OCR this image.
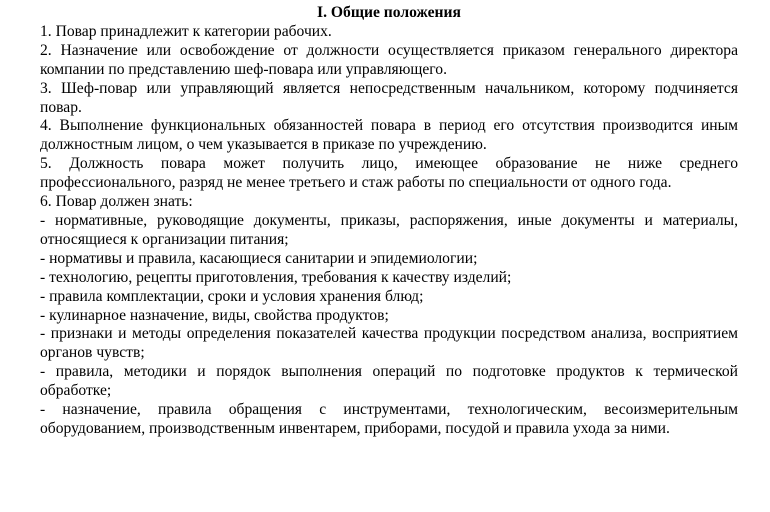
I. Общие положения

1. Повар принадлежит к категории рабочих.

2. Назначение или освобождение от должности осуществляется приказом генерального директора компании по представлению шеф-повара или управляющего.

3. Шеф-повар или управляющий является непосредственным начальником, которому подчиняется повар.

4. Выполнение функциональных обязанностей повара в период его отсутствия производится иным должностным лицом, о чем указывается в приказе по учреждению.

5. Должность повара может получить лицо, имеющее образование не ниже среднего профессионального, разряд не менее третьего и стаж работы по специальности от одного года.

6. Повар должен знать:

- нормативные, руководящие документы, приказы, распоряжения, иные документы и материалы, относящиеся к организации питания;

- нормативы и правила, касающиеся санитарии и эпидемиологии;

- технологию, рецепты приготовления, требования к качеству изделий;

- правила комплектации, сроки и условия хранения блюд;

- кулинарное назначение, виды, свойства продуктов;

- признаки и методы определения показателей качества продукции посредством анализа, восприятием органов чувств;

- правила, методики и порядок выполнения операций по подготовке продуктов к термической обработке;

- назначение, правила обращения с инструментами, технологическим, весоизмерительным оборудованием, производственным инвентарем, приборами, посудой и правила ухода за ними.
